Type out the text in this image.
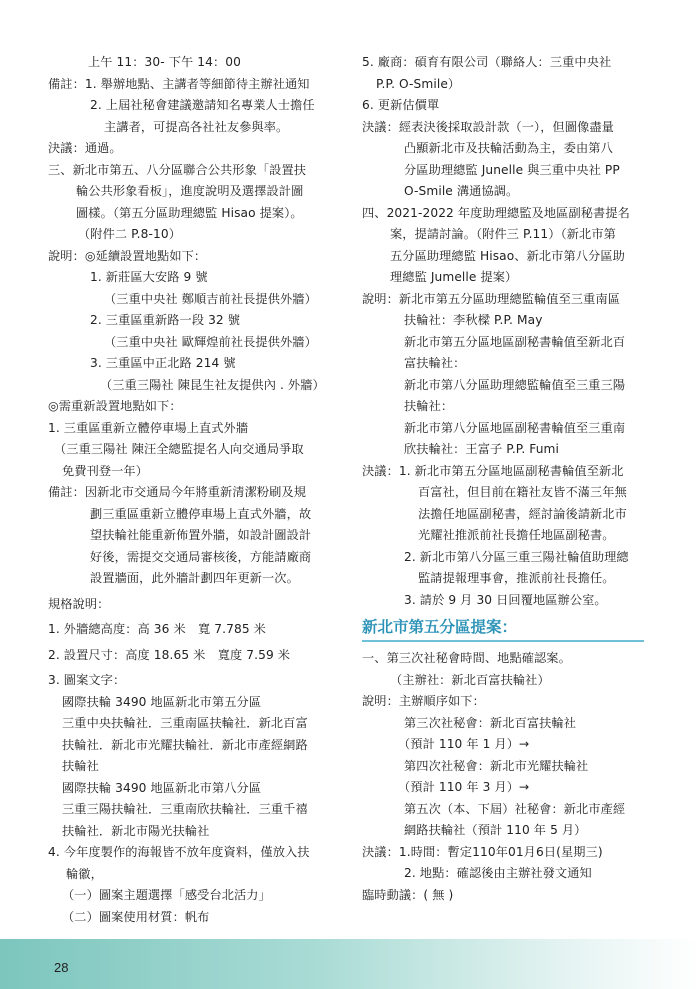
上午 11：30- 下午 14：00
備註：1. 舉辦地點、主講者等細節待主辦社通知
2. 上屆社秘會建議邀請知名專業人士擔任
主講者，可提高各社社友參與率。
決議：通過。
三、新北市第五、八分區聯合公共形象「設置扶
輪公共形象看板」，進度說明及選擇設計圖
圖樣。（第五分區助理總監 Hisao 提案）。
（附件二 P.8-10）
說明：◎延續設置地點如下：
1. 新莊區大安路 9 號
（三重中央社 鄭順吉前社長提供外牆）
2. 三重區重新路一段 32 號
（三重中央社 歐輝煌前社長提供外牆）
3. 三重區中正北路 214 號
（三重三陽社 陳昆生社友提供內 . 外牆）
◎需重新設置地點如下：
1. 三重區重新立體停車場上直式外牆
（三重三陽社 陳汪全總監提名人向交通局爭取
免費刊登一年）
備註：因新北市交通局今年將重新清潔粉刷及規
劃三重區重新立體停車場上直式外牆，故
望扶輪社能重新佈置外牆，如設計圖設計
好後，需提交交通局審核後，方能請廠商
設置牆面，此外牆計劃四年更新一次。
規格說明：
1. 外牆總高度：高 36 米　寬 7.785 米
2. 設置尺寸：高度 18.65 米　寬度 7.59 米
3. 圖案文字：
國際扶輪 3490 地區新北市第五分區
三重中央扶輪社．三重南區扶輪社．新北百富
扶輪社．新北市光耀扶輪社．新北市產經網路
扶輪社
國際扶輪 3490 地區新北市第八分區
三重三陽扶輪社．三重南欣扶輪社．三重千禧
扶輪社．新北市陽光扶輪社
4. 今年度製作的海報皆不放年度資料，僅放入扶
輪徽，
（一）圖案主題選擇「感受台北活力」
（二）圖案使用材質：帆布
5. 廠商：碩育有限公司（聯絡人：三重中央社
P.P. O-Smile）
6. 更新估價單
決議：經表決後採取設計款（一），但圖像盡量
凸顯新北市及扶輪活動為主，委由第八
分區助理總監 Junelle 與三重中央社 PP
O-Smile 溝通協調。
四、2021-2022 年度助理總監及地區副秘書提名
案，提請討論。（附件三 P.11）（新北市第
五分區助理總監 Hisao、新北市第八分區助
理總監 Jumelle 提案）
說明：新北市第五分區助理總監輪值至三重南區
扶輪社：李秋樑 P.P. May
新北市第五分區地區副秘書輪值至新北百
富扶輪社：
新北市第八分區助理總監輪值至三重三陽
扶輪社：
新北市第八分區地區副秘書輪值至三重南
欣扶輪社：王富子 P.P. Fumi
決議：1. 新北市第五分區地區副秘書輪值至新北
百富社，但目前在籍社友皆不滿三年無
法擔任地區副秘書，經討論後請新北市
光耀社推派前社長擔任地區副秘書。
2. 新北市第八分區三重三陽社輪值助理總
監請提報理事會，推派前社長擔任。
3. 請於 9 月 30 日回覆地區辦公室。
新北市第五分區提案：
一、第三次社秘會時間、地點確認案。
（主辦社：新北百富扶輪社）
說明：主辦順序如下：
第三次社秘會：新北百富扶輪社
（預計 110 年 1 月）→
第四次社秘會：新北市光耀扶輪社
（預計 110 年 3 月）→
第五次（本、下屆）社秘會：新北市產經
網路扶輪社（預計 110 年 5 月）
決議：1.時間：暫定110年01月6日(星期三)
2. 地點：確認後由主辦社發文通知
臨時動議：( 無 )
28
